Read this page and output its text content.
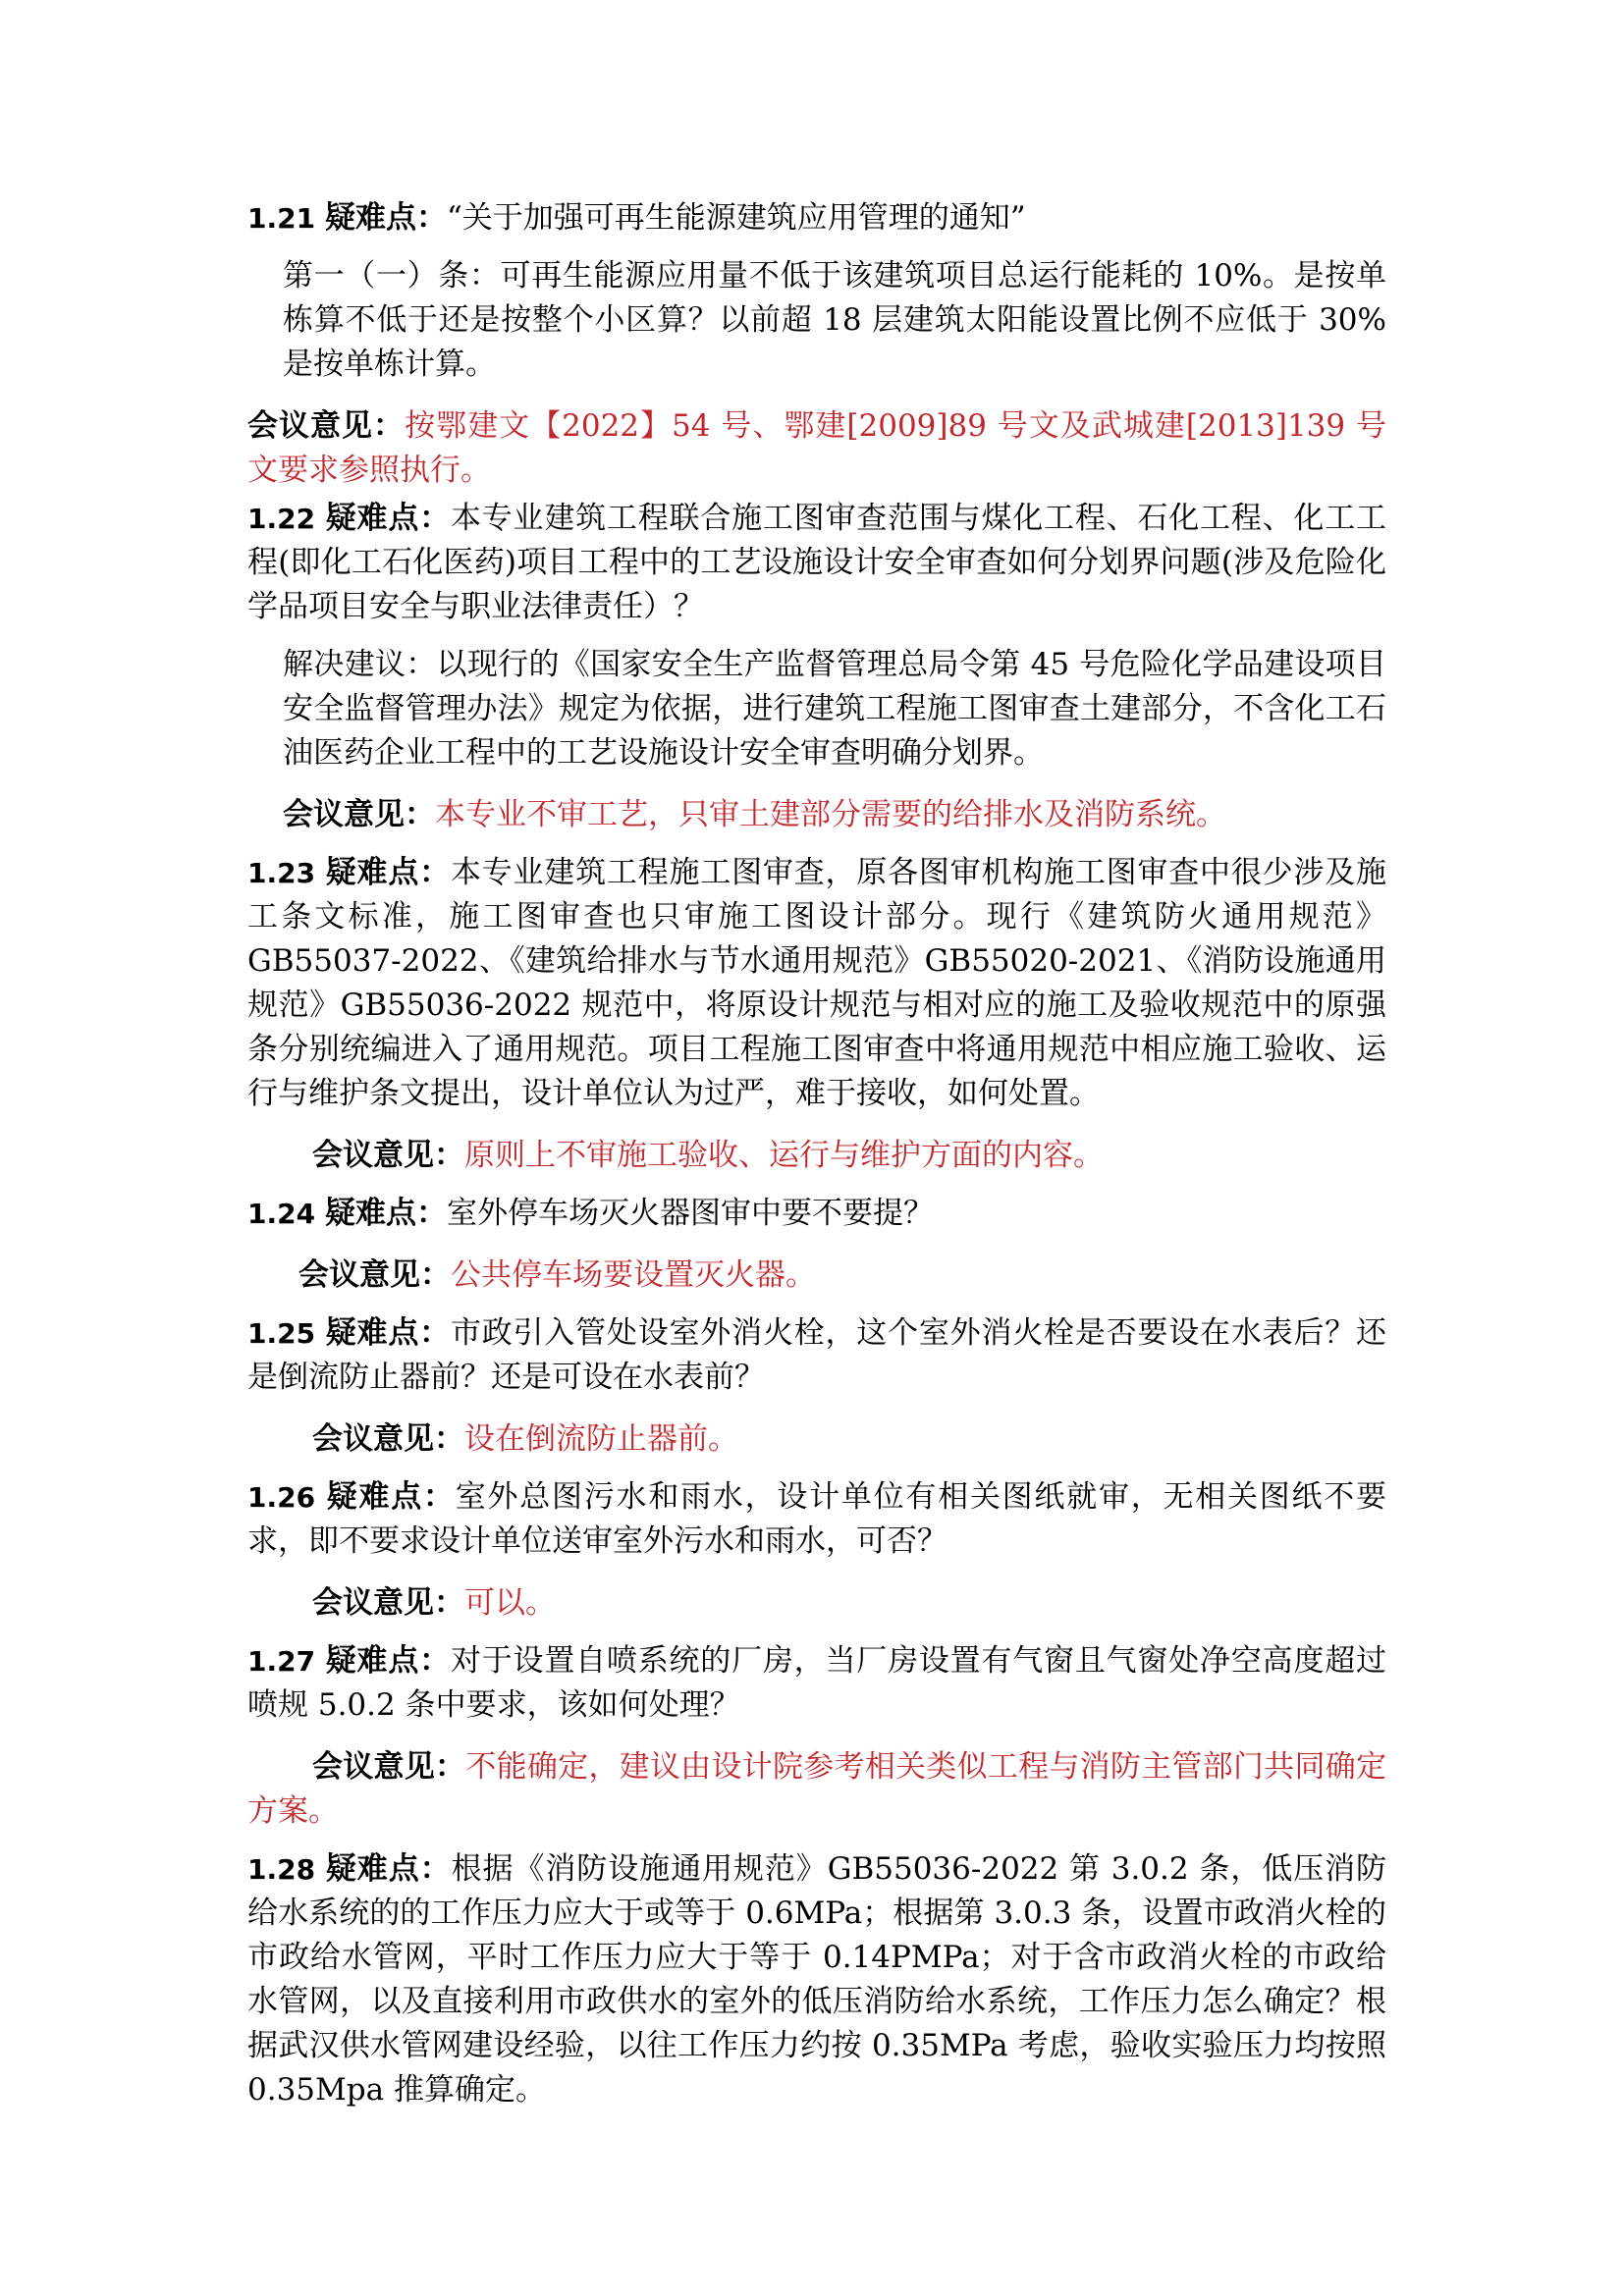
1.21 疑难点：“关于加强可再生能源建筑应用管理的通知”
第一（一）条：可再生能源应用量不低于该建筑项目总运行能耗的 10%。是按单栋算不低于还是按整个小区算？以前超 18 层建筑太阳能设置比例不应低于 30%是按单栋计算。
会议意见：按鄂建文【2022】54 号、鄂建[2009]89 号文及武城建[2013]139 号文要求参照执行。
1.22 疑难点：本专业建筑工程联合施工图审查范围与煤化工程、石化工程、化工工程(即化工石化医药)项目工程中的工艺设施设计安全审查如何分划界问题(涉及危险化学品项目安全与职业法律责任）？
解决建议：以现行的《国家安全生产监督管理总局令第 45 号危险化学品建设项目安全监督管理办法》规定为依据，进行建筑工程施工图审查土建部分，不含化工石油医药企业工程中的工艺设施设计安全审查明确分划界。
会议意见：本专业不审工艺，只审土建部分需要的给排水及消防系统。
1.23 疑难点：本专业建筑工程施工图审查，原各图审机构施工图审查中很少涉及施工条文标准，施工图审查也只审施工图设计部分。现行《建筑防火通用规范》GB55037-2022、《建筑给排水与节水通用规范》GB55020-2021、《消防设施通用规范》GB55036-2022 规范中，将原设计规范与相对应的施工及验收规范中的原强条分别统编进入了通用规范。项目工程施工图审查中将通用规范中相应施工验收、运行与维护条文提出，设计单位认为过严，难于接收，如何处置。
会议意见：原则上不审施工验收、运行与维护方面的内容。
1.24 疑难点：室外停车场灭火器图审中要不要提？
会议意见：公共停车场要设置灭火器。
1.25 疑难点：市政引入管处设室外消火栓，这个室外消火栓是否要设在水表后？还是倒流防止器前？还是可设在水表前？
会议意见：设在倒流防止器前。
1.26 疑难点：室外总图污水和雨水，设计单位有相关图纸就审，无相关图纸不要求，即不要求设计单位送审室外污水和雨水，可否？
会议意见：可以。
1.27 疑难点：对于设置自喷系统的厂房，当厂房设置有气窗且气窗处净空高度超过喷规 5.0.2 条中要求，该如何处理？
会议意见：不能确定，建议由设计院参考相关类似工程与消防主管部门共同确定方案。
1.28 疑难点：根据《消防设施通用规范》GB55036-2022 第 3.0.2 条，低压消防给水系统的的工作压力应大于或等于 0.6MPa；根据第 3.0.3 条，设置市政消火栓的市政给水管网，平时工作压力应大于等于 0.14PMPa；对于含市政消火栓的市政给水管网，以及直接利用市政供水的室外的低压消防给水系统，工作压力怎么确定？根据武汉供水管网建设经验，以往工作压力约按 0.35MPa 考虑，验收实验压力均按照 0.35Mpa 推算确定。
